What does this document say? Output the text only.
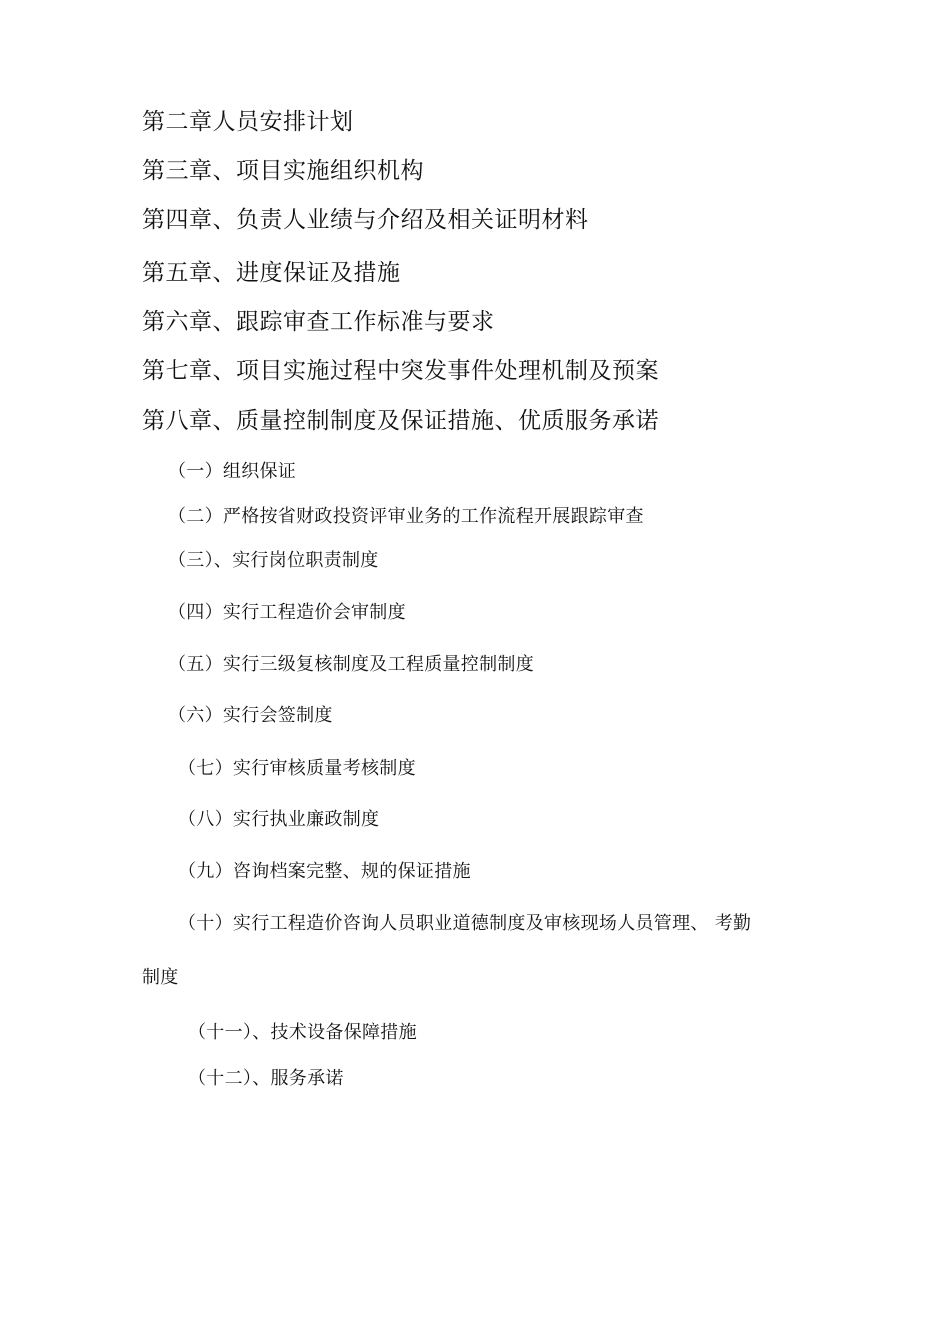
第二章人员安排计划
第三章、项目实施组织机构
第四章、负责人业绩与介绍及相关证明材料
第五章、进度保证及措施
第六章、跟踪审查工作标准与要求
第七章、项目实施过程中突发事件处理机制及预案
第八章、质量控制制度及保证措施、优质服务承诺
（一）组织保证
（二）严格按省财政投资评审业务的工作流程开展跟踪审查
（三）、实行岗位职责制度
（四）实行工程造价会审制度
（五）实行三级复核制度及工程质量控制制度
（六）实行会签制度
（七）实行审核质量考核制度
（八）实行执业廉政制度
（九）咨询档案完整、规的保证措施
（十）实行工程造价咨询人员职业道德制度及审核现场人员管理、 考勤
制度
（十一）、技术设备保障措施
（十二）、服务承诺
